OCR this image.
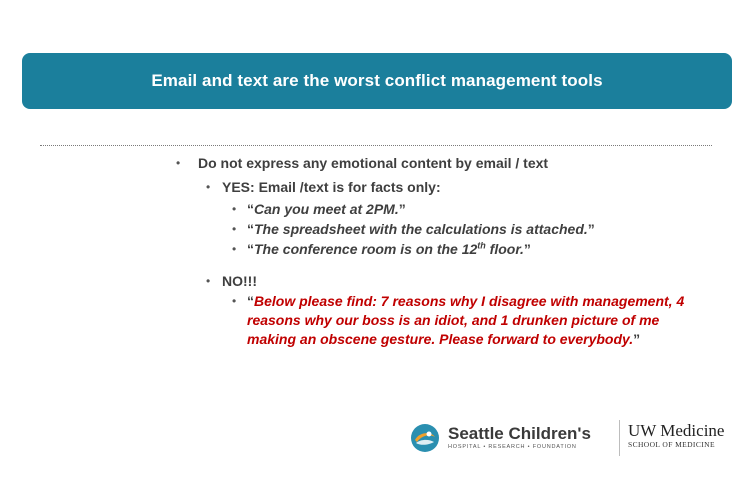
Email and text are the worst conflict management tools
• Do not express any emotional content by email / text
• YES: Email /text is for facts only:
• “Can you meet at 2PM.”
• “The spreadsheet with the calculations is attached.”
• “The conference room is on the 12th floor.”
• NO!!!
• “Below please find: 7 reasons why I disagree with management, 4 reasons why our boss is an idiot, and 1 drunken picture of me making an obscene gesture. Please forward to everybody.”
Seattle Children's
HOSPITAL • RESEARCH • FOUNDATION
UW Medicine
SCHOOL OF MEDICINE
